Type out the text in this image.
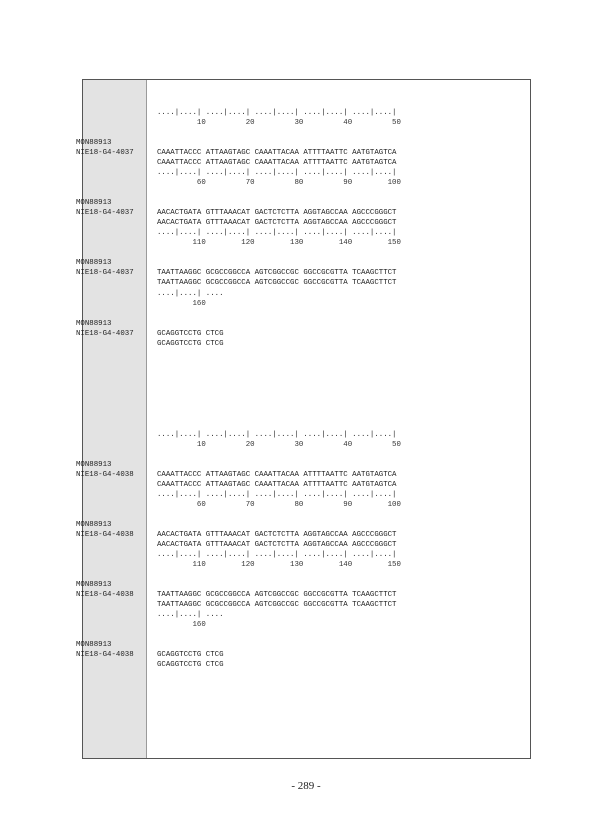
....|....| ....|....| ....|....| ....|....| ....|....|

10         20         30         40         50

MON88913

CAAATTACCC ATTAAGTAGC CAAATTACAA ATTTTAATTC AATGTAGTCA

NIE18-G4-4037

CAAATTACCC ATTAAGTAGC CAAATTACAA ATTTTAATTC AATGTAGTCA

....|....| ....|....| ....|....| ....|....| ....|....|

60         70         80         90        100

MON88913

AACACTGATA GTTTAAACAT GACTCTCTTA AGGTAGCCAA AGCCCGGGCT

NIE18-G4-4037

AACACTGATA GTTTAAACAT GACTCTCTTA AGGTAGCCAA AGCCCGGGCT

....|....| ....|....| ....|....| ....|....| ....|....|

110        120        130        140        150

MON88913

TAATTAAGGC GCGCCGGCCA AGTCGGCCGC GGCCGCGTTA TCAAGCTTCT

NIE18-G4-4037

TAATTAAGGC GCGCCGGCCA AGTCGGCCGC GGCCGCGTTA TCAAGCTTCT

....|....| ....

160

MON88913

GCAGGTCCTG CTCG

NIE18-G4-4037

GCAGGTCCTG CTCG

....|....| ....|....| ....|....| ....|....| ....|....|

10         20         30         40         50

MON88913

CAAATTACCC ATTAAGTAGC CAAATTACAA ATTTTAATTC AATGTAGTCA

NIE18-G4-4038

CAAATTACCC ATTAAGTAGC CAAATTACAA ATTTTAATTC AATGTAGTCA

....|....| ....|....| ....|....| ....|....| ....|....|

60         70         80         90        100

MON88913

AACACTGATA GTTTAAACAT GACTCTCTTA AGGTAGCCAA AGCCCGGGCT

NIE18-G4-4038

AACACTGATA GTTTAAACAT GACTCTCTTA AGGTAGCCAA AGCCCGGGCT

....|....| ....|....| ....|....| ....|....| ....|....|

110        120        130        140        150

MON88913

TAATTAAGGC GCGCCGGCCA AGTCGGCCGC GGCCGCGTTA TCAAGCTTCT

NIE18-G4-4038

TAATTAAGGC GCGCCGGCCA AGTCGGCCGC GGCCGCGTTA TCAAGCTTCT

....|....| ....

160

MON88913

GCAGGTCCTG CTCG

NIE18-G4-4038

GCAGGTCCTG CTCG

- 289 -
